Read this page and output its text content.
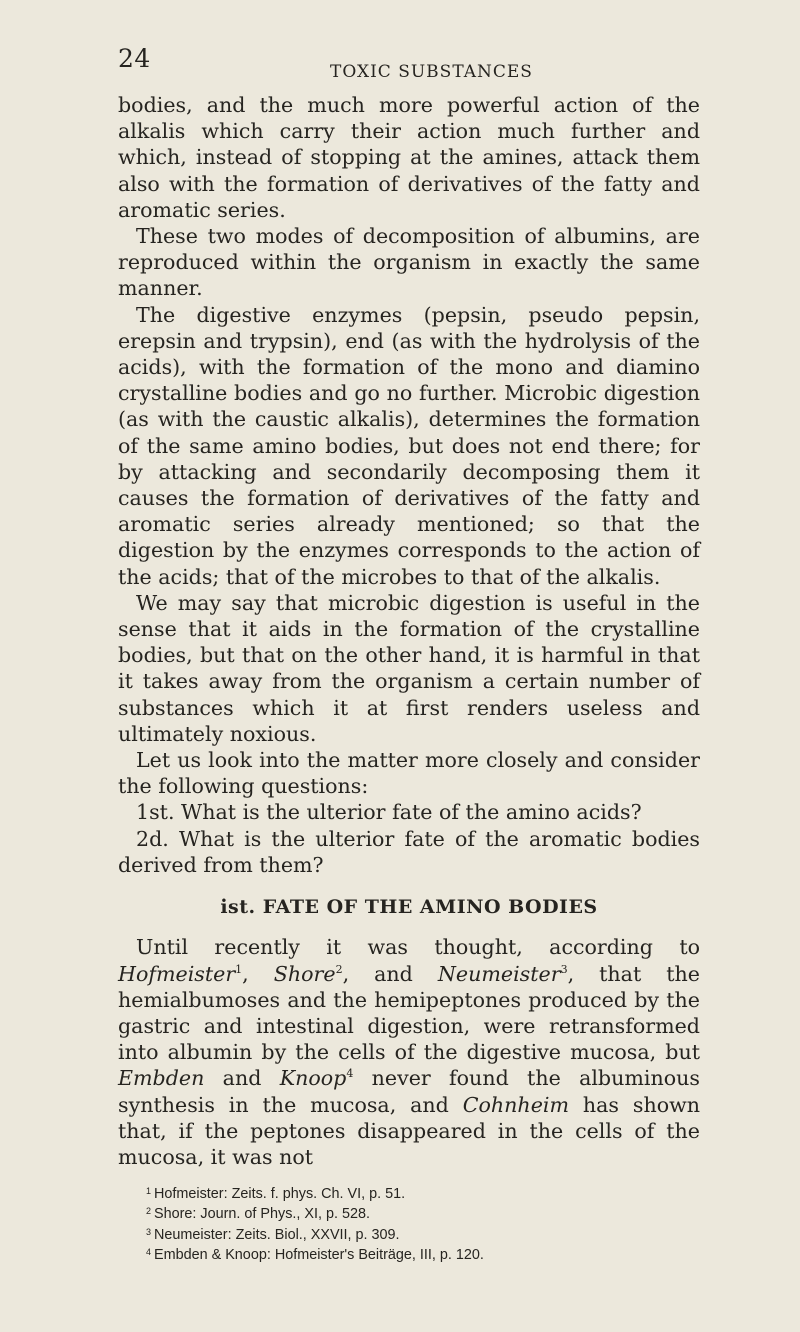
24	TOXIC SUBSTANCES

bodies, and the much more powerful action of the alkalis which carry their action much further and which, instead of stopping at the amines, attack them also with the formation of derivatives of the fatty and aromatic series.

These two modes of decomposition of albumins, are reproduced within the organism in exactly the same manner.

The digestive enzymes (pepsin, pseudo pepsin, erepsin and trypsin), end (as with the hydrolysis of the acids), with the formation of the mono and diamino crystalline bodies and go no further. Microbic digestion (as with the caustic alkalis), determines the formation of the same amino bodies, but does not end there; for by attacking and secondarily decomposing them it causes the formation of derivatives of the fatty and aromatic series already mentioned; so that the digestion by the enzymes corresponds to the action of the acids; that of the microbes to that of the alkalis.

We may say that microbic digestion is useful in the sense that it aids in the formation of the crystalline bodies, but that on the other hand, it is harmful in that it takes away from the organism a certain number of substances which it at first renders useless and ultimately noxious.

Let us look into the matter more closely and consider the following questions:

1st. What is the ulterior fate of the amino acids?

2d. What is the ulterior fate of the aromatic bodies derived from them?

ist. FATE OF THE AMINO BODIES

Until recently it was thought, according to Hofmeister$^1$, Shore$^2$, and Neumeister$^3$, that the hemialbumoses and the hemipeptones produced by the gastric and intestinal digestion, were retransformed into albumin by the cells of the digestive mucosa, but Embden and Knoop$^4$ never found the albuminous synthesis in the mucosa, and Cohnheim has shown that, if the peptones disappeared in the cells of the mucosa, it was not

$^1$ Hofmeister: Zeits. f. phys. Ch. VI, p. 51.
$^2$ Shore: Journ. of Phys., XI, p. 528.
$^3$ Neumeister: Zeits. Biol., XXVII, p. 309.
$^4$ Embden & Knoop: Hofmeister's Beiträge, III, p. 120.
